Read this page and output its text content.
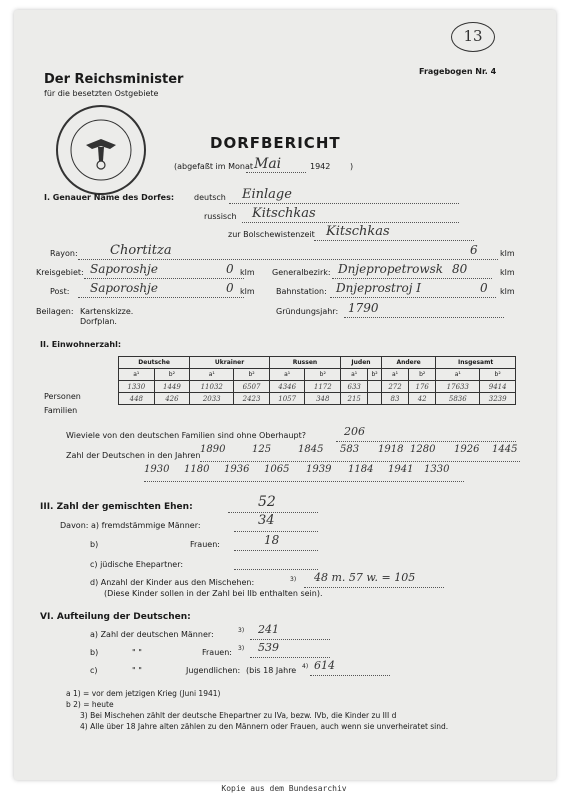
Der Reichsminister
für die besetzten Ostgebiete
Fragebogen Nr. 4
13
DORFBERICHT
(abgefaßt im Monat Mai	1942 )
I. Genauer Name des Dorfes: deutsch Einlage
russisch Kitschkas
zur Bolschewistenzeit Kitschkas
Rayon: Chortitza	6	klm
Kreisgebiet: Saporoshje	0 klm Generalbezirk: Dnjepropetrowsk 80	klm
Post: Saporoshje	0 klm	Bahnstation: Dnjeprostroj I	0 klm
Beilagen: Kartenskizze.
Dorfplan.
Gründungsjahr: 1790
II. Einwohnerzahl:
Deutsche		Ukrainer		Russen		Juden		Andere		Insgesamt	
a¹	b²	a¹	b²	a¹	b²	a¹	b²	a¹	b²	a¹	b²
1330	1449	11032	6507	4346	1172	633		272	176	17633	9414
448	426	2033	2423	1057	348	215		83	42	5836	3239
Personen
Familien
Wieviele von den deutschen Familien sind ohne Oberhaupt?	206
Zahl der Deutschen in den Jahren
1890	125	1845 583 1918 1280 1926 1445
1930 1180 1936 1065 1939 1184 1941 1330
III. Zahl der gemischten Ehen:	52
Davon: a) fremdstämmige Männer:	34
b)	Frauen:	18
c) jüdische Ehepartner:
d) Anzahl der Kinder aus den Mischehen:	3) 48 m. 57 w. = 105
(Diese Kinder sollen in der Zahl bei IIb enthalten sein).
VI. Aufteilung der Deutschen:
a) Zahl der deutschen Männer:	3) 241
b)	" "	Frauen: 3) 539
c)	" "	Jugendlichen: (bis 18 Jahre 4) 614
a 1) = vor dem jetzigen Krieg (Juni 1941)
b 2) = heute
3) Bei Mischehen zählt der deutsche Ehepartner zu IVa, bezw. IVb, die Kinder zu III d
4) Alle über 18 Jahre alten zählen zu den Männern oder Frauen, auch wenn sie unverheiratet sind.
Kopie aus dem Bundesarchiv
